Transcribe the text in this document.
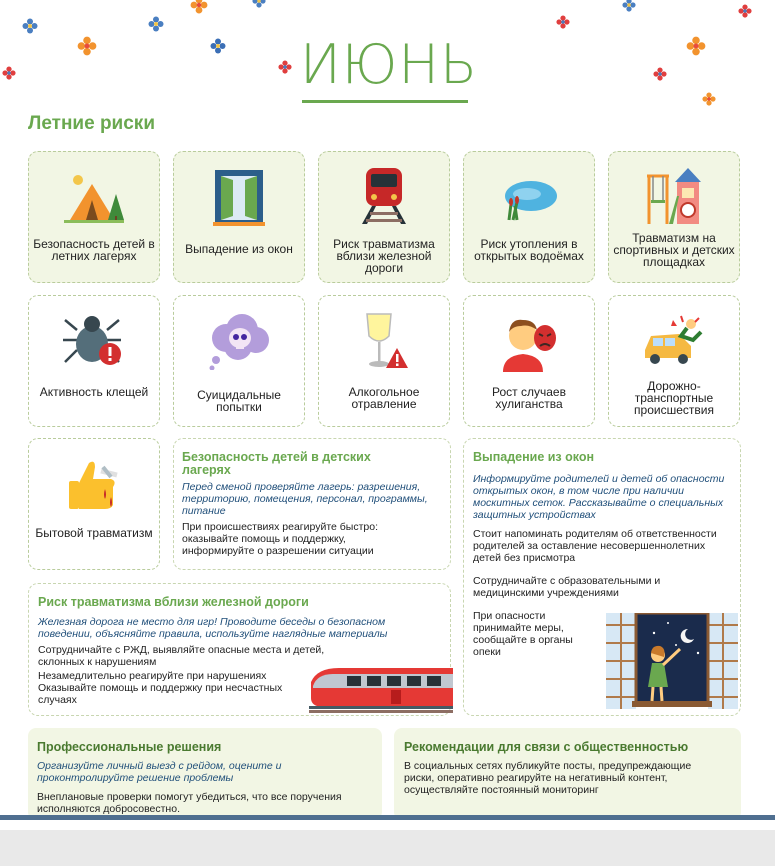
ИЮНЬ
Летние риски
Безопасность детей в летних лагерях	Выпадение из окон	Риск травматизма вблизи железной дороги
Риск утопления в открытых водоёмах
Травматизм на спортивных и детских площадках
Активность клещей	Суицидальные попытки
Алкогольное отравление
Рост случаев хулиганства
Дорожно-транспортные происшествия
Бытовой травматизм
Безопасность детей в детских лагерях
Перед сменой проверяйте лагерь: разрешения, территорию, помещения, персонал, программы, питание
При происшествиях реагируйте быстро: оказывайте помощь и поддержку, информируйте о разрешении ситуации
Выпадение из окон
Информируйте родителей и детей об опасности открытых окон, в том числе при наличии москитных сеток. Рассказывайте о специальных защитных устройствах
Стоит напоминать родителям об ответственности родителей за оставление несовершеннолетних детей без присмотра
Сотрудничайте с образовательными и медицинскими учреждениями
При опасности принимайте меры, сообщайте в органы опеки
Риск травматизма вблизи железной дороги
Железная дорога не место для игр! Проводите беседы о безопасном поведении, объясняйте правила, используйте наглядные материалы
Сотрудничайте с РЖД, выявляйте опасные места и детей, склонных к нарушениям
Незамедлительно реагируйте при нарушениях Оказывайте помощь и поддержку при несчастных случаях
Профессиональные решения
Организуйте личный выезд с рейдом, оцените и проконтролируйте решение проблемы
Внеплановые проверки помогут убедиться, что все поручения исполняются добросовестно.
Рекомендации для связи с общественностью
В социальных сетях публикуйте посты, предупреждающие риски, оперативно реагируйте на негативный контент, осуществляйте постоянный мониторинг
